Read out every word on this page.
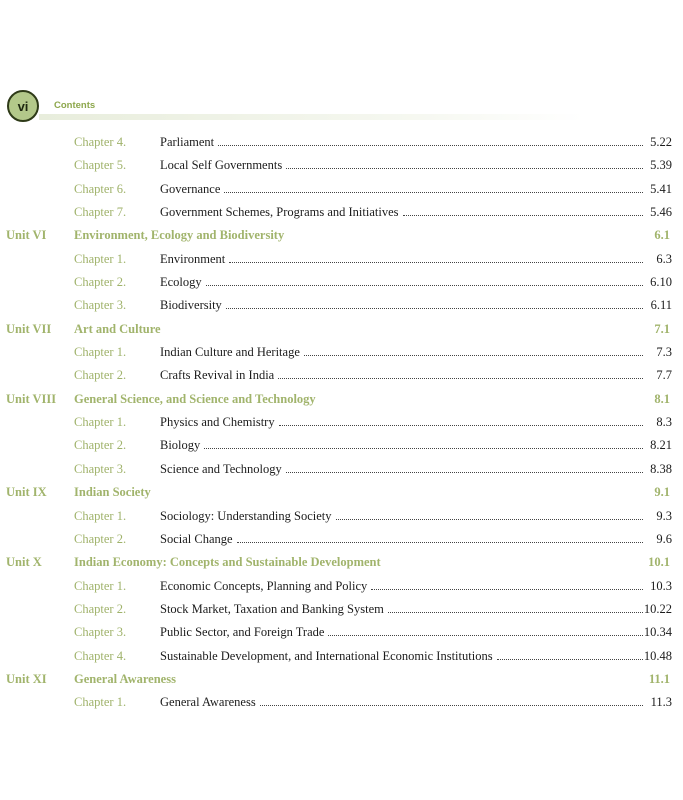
vi	Contents
Chapter 4.	Parliament	5.22
Chapter 5.	Local Self Governments	5.39
Chapter 6.	Governance	5.41
Chapter 7.	Government Schemes, Programs and Initiatives	5.46
Unit VI Environment, Ecology and Biodiversity	6.1
Chapter 1.	Environment	6.3
Chapter 2.	Ecology	6.10
Chapter 3.	Biodiversity	6.11
Unit VII Art and Culture	7.1
Chapter 1.	Indian Culture and Heritage	7.3
Chapter 2.	Crafts Revival in India	7.7
Unit VIII General Science, and Science and Technology	8.1
Chapter 1.	Physics and Chemistry	8.3
Chapter 2.	Biology	8.21
Chapter 3.	Science and Technology	8.38
Unit IX Indian Society	9.1
Chapter 1.	Sociology: Understanding Society	9.3
Chapter 2.	Social Change	9.6
Unit X	Indian Economy: Concepts and Sustainable Development	10.1
Chapter 1.	Economic Concepts, Planning and Policy	10.3
Chapter 2.	Stock Market, Taxation and Banking System	10.22
Chapter 3.	Public Sector, and Foreign Trade	10.34
Chapter 4.	Sustainable Development, and International Economic Institutions	10.48
Unit XI General Awareness	11.1
Chapter 1.	General Awareness	11.3
